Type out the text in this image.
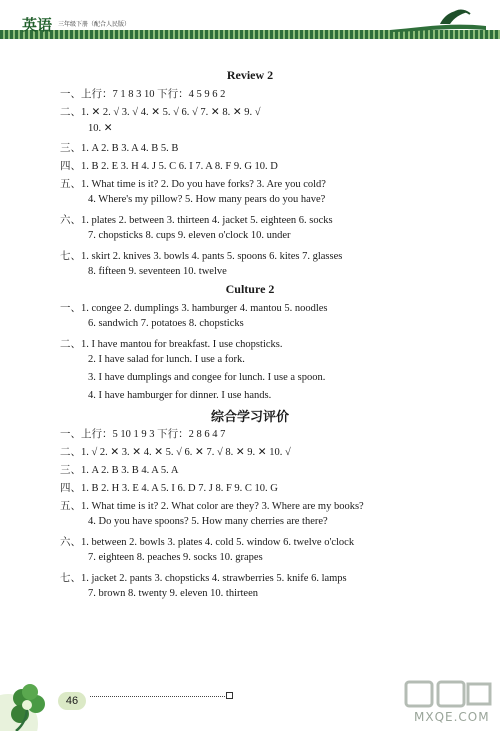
英语 三年级下册（配合人民版）
Review 2
一、上行：7 1 8 3 10 下行：4 5 9 6 2
二、1. ✕ 2. √ 3. √ 4. ✕ 5. √ 6. √ 7. ✕ 8. ✕ 9. √
10. ✕
三、1. A 2. B 3. A 4. B 5. B
四、1. B 2. E 3. H 4. J 5. C 6. I 7. A 8. F 9. G 10. D
五、1. What time is it? 2. Do you have forks? 3. Are you cold?
4. Where's my pillow? 5. How many pears do you have?
六、1. plates 2. between 3. thirteen 4. jacket 5. eighteen 6. socks
7. chopsticks 8. cups 9. eleven o'clock 10. under
七、1. skirt 2. knives 3. bowls 4. pants 5. spoons 6. kites 7. glasses
8. fifteen 9. seventeen 10. twelve
Culture 2
一、1. congee 2. dumplings 3. hamburger 4. mantou 5. noodles
6. sandwich 7. potatoes 8. chopsticks
二、1. I have mantou for breakfast. I use chopsticks.
2. I have salad for lunch. I use a fork.
3. I have dumplings and congee for lunch. I use a spoon.
4. I have hamburger for dinner. I use hands.
综合学习评价
一、上行：5 10 1 9 3 下行：2 8 6 4 7
二、1. √ 2. ✕ 3. ✕ 4. ✕ 5. √ 6. ✕ 7. √ 8. ✕ 9. ✕ 10. √
三、1. A 2. B 3. B 4. A 5. A
四、1. B 2. H 3. E 4. A 5. I 6. D 7. J 8. F 9. C 10. G
五、1. What time is it? 2. What color are they? 3. Where are my books?
4. Do you have spoons? 5. How many cherries are there?
六、1. between 2. bowls 3. plates 4. cold 5. window 6. twelve o'clock
7. eighteen 8. peaches 9. socks 10. grapes
七、1. jacket 2. pants 3. chopsticks 4. strawberries 5. knife 6. lamps
7. brown 8. twenty 9. eleven 10. thirteen
46
MXQE.COM
